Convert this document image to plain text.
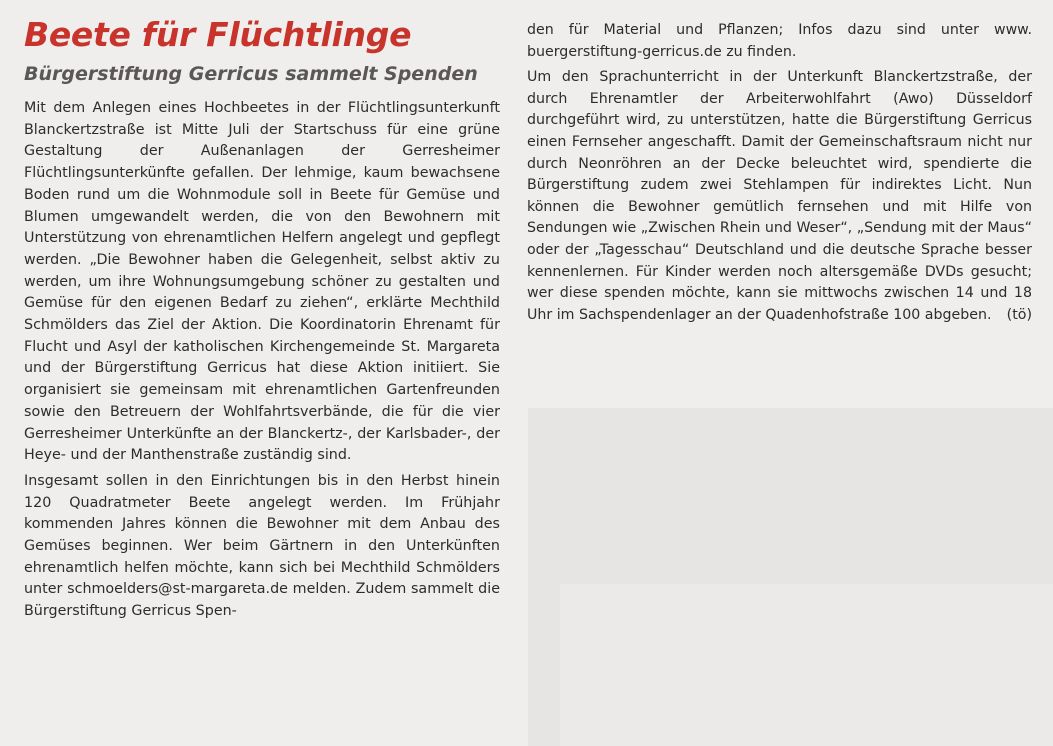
Beete für Flüchtlinge
Bürgerstiftung Gerricus sammelt Spenden

Mit dem Anlegen eines Hochbeetes in der Flüchtlingsunterkunft Blanckertzstraße ist Mitte Juli der Startschuss für eine grüne Gestaltung der Außenanlagen der Gerresheimer Flüchtlingsunterkünfte gefallen. Der lehmige, kaum bewachsene Boden rund um die Wohnmodule soll in Beete für Gemüse und Blumen umgewandelt werden, die von den Bewohnern mit Unterstützung von ehrenamtlichen Helfern angelegt und gepflegt werden. „Die Bewohner haben die Gelegenheit, selbst aktiv zu werden, um ihre Wohnungsumgebung schöner zu gestalten und Gemüse für den eigenen Bedarf zu ziehen“, erklärte Mechthild Schmölders das Ziel der Aktion. Die Koordinatorin Ehrenamt für Flucht und Asyl der katholischen Kirchengemeinde St. Margareta und der Bürgerstiftung Gerricus hat diese Aktion initiiert. Sie organisiert sie gemeinsam mit ehrenamtlichen Gartenfreunden sowie den Betreuern der Wohlfahrtsverbände, die für die vier Gerresheimer Unterkünfte an der Blanckertz-, der Karlsbader-, der Heye- und der Manthenstraße zuständig sind.

Insgesamt sollen in den Einrichtungen bis in den Herbst hinein 120 Quadratmeter Beete angelegt werden. Im Frühjahr kommenden Jahres können die Bewohner mit dem Anbau des Gemüses beginnen. Wer beim Gärtnern in den Unterkünften ehrenamtlich helfen möchte, kann sich bei Mechthild Schmölders unter schmoelders@st-margareta.de melden. Zudem sammelt die Bürgerstiftung Gerricus Spen-

den für Material und Pflanzen; Infos dazu sind unter www. buergerstiftung-gerricus.de zu finden.

Um den Sprachunterricht in der Unterkunft Blanckertzstraße, der durch Ehrenamtler der Arbeiterwohlfahrt (Awo) Düsseldorf durchgeführt wird, zu unterstützen, hatte die Bürgerstiftung Gerricus einen Fernseher angeschafft. Damit der Gemeinschaftsraum nicht nur durch Neonröhren an der Decke beleuchtet wird, spendierte die Bürgerstiftung zudem zwei Stehlampen für indirektes Licht. Nun können die Bewohner gemütlich fernsehen und mit Hilfe von Sendungen wie „Zwischen Rhein und Weser“, „Sendung mit der Maus“ oder der „Tagesschau“ Deutschland und die deutsche Sprache besser kennenlernen. Für Kinder werden noch altersgemäße DVDs gesucht; wer diese spenden möchte, kann sie mittwochs zwischen 14 und 18 Uhr im Sachspendenlager an der Quadenhofstraße 100 abgeben. (tö)
